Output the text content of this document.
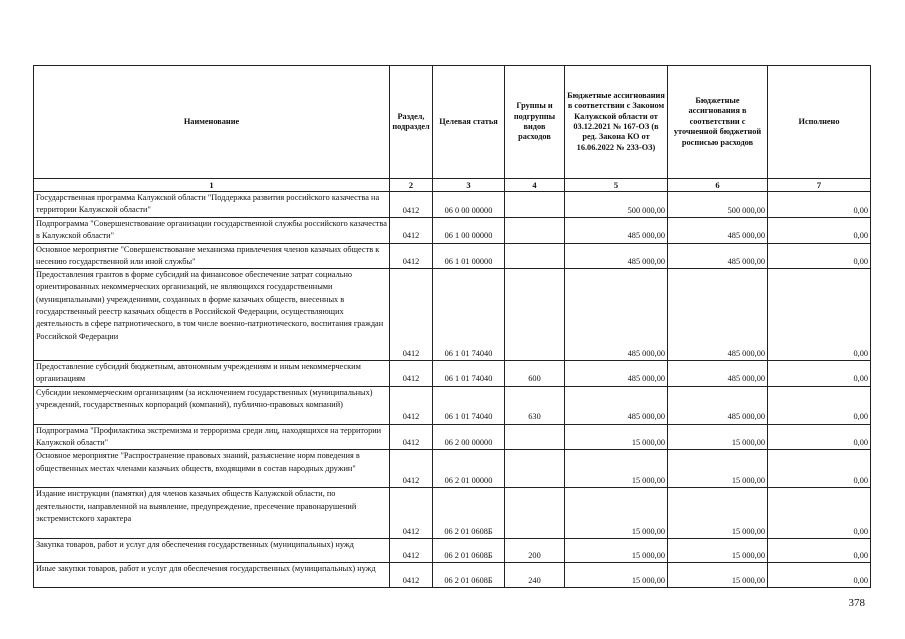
Наименование	Раздел, подраздел	Целевая статья	Группы и подгруппы видов расходов	Бюджетные ассигнования в соответствии с Законом Калужской области от 03.12.2021 № 167-ОЗ (в ред. Закона КО от 16.06.2022 № 233-ОЗ)	Бюджетные ассигнования в соответствии с уточненной бюджетной росписью расходов	Исполнено
1	2	3	4	5	6	7
Государственная программа Калужской области "Поддержка развития российского казачества на территории Калужской области"	0412	06 0 00 00000		500 000,00	500 000,00	0,00
Подпрограмма "Совершенствование организации государственной службы российского казачества в Калужской области"	0412	06 1 00 00000		485 000,00	485 000,00	0,00
Основное мероприятие "Совершенствование механизма привлечения членов казачьих обществ к несению государственной или иной службы"	0412	06 1 01 00000		485 000,00	485 000,00	0,00
Предоставления грантов в форме субсидий на финансовое обеспечение затрат социально ориентированных некоммерческих организаций, не являющихся государственными (муниципальными) учреждениями, созданных в форме казачьих обществ, внесенных в государственный реестр казачьих обществ в Российской Федерации, осуществляющих деятельность в сфере патриотического, в том числе военно-патриотического, воспитания граждан Российской Федерации	0412	06 1 01 74040		485 000,00	485 000,00	0,00
Предоставление субсидий бюджетным, автономным учреждениям и иным некоммерческим организациям	0412	06 1 01 74040	600	485 000,00	485 000,00	0,00
Субсидии некоммерческим организациям (за исключением государственных (муниципальных) учреждений, государственных корпораций (компаний), публично-правовых компаний)	0412	06 1 01 74040	630	485 000,00	485 000,00	0,00
Подпрограмма "Профилактика экстремизма и терроризма среди лиц, находящихся на территории Калужской области"	0412	06 2 00 00000		15 000,00	15 000,00	0,00
Основное мероприятие "Распространение правовых знаний, разъяснение норм поведения в общественных местах членами казачьих обществ, входящими в состав народных дружин"	0412	06 2 01 00000		15 000,00	15 000,00	0,00
Издание инструкции (памятки) для членов казачьих обществ Калужской области, по деятельности, направленной на выявление, предупреждение, пресечение правонарушений экстремистского характера	0412	06 2 01 0608Б		15 000,00	15 000,00	0,00
Закупка товаров, работ и услуг для обеспечения государственных (муниципальных) нужд	0412	06 2 01 0608Б	200	15 000,00	15 000,00	0,00
Иные закупки товаров, работ и услуг для обеспечения государственных (муниципальных) нужд	0412	06 2 01 0608Б	240	15 000,00	15 000,00	0,00
378
